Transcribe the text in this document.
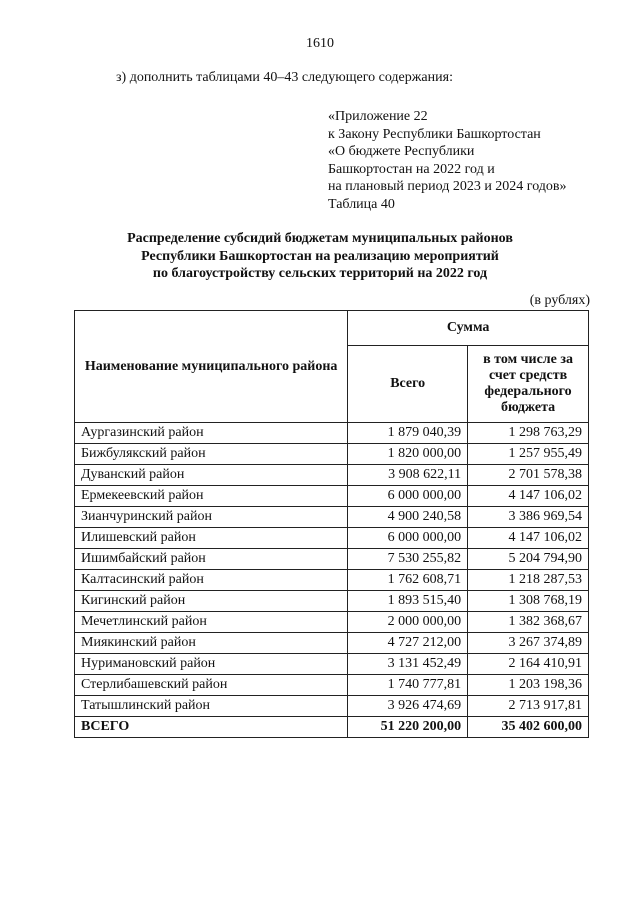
1610
з) дополнить таблицами 40–43 следующего содержания:
«Приложение 22
к Закону Республики Башкортостан
«О бюджете Республики
Башкортостан на 2022 год и
на плановый период 2023 и 2024 годов»
Таблица 40
Распределение субсидий бюджетам муниципальных районов
Республики Башкортостан на реализацию мероприятий
по благоустройству сельских территорий на 2022 год
(в рублях)
Наименование муниципального района	Сумма	
	Всего	в том числе за счет средств федерального бюджета
Аургазинский район	1 879 040,39	1 298 763,29
Бижбулякский район	1 820 000,00	1 257 955,49
Дуванский район	3 908 622,11	2 701 578,38
Ермекеевский район	6 000 000,00	4 147 106,02
Зианчуринский район	4 900 240,58	3 386 969,54
Илишевский район	6 000 000,00	4 147 106,02
Ишимбайский район	7 530 255,82	5 204 794,90
Калтасинский район	1 762 608,71	1 218 287,53
Кигинский район	1 893 515,40	1 308 768,19
Мечетлинский район	2 000 000,00	1 382 368,67
Миякинский район	4 727 212,00	3 267 374,89
Нуримановский район	3 131 452,49	2 164 410,91
Стерлибашевский район	1 740 777,81	1 203 198,36
Татышлинский район	3 926 474,69	2 713 917,81
ВСЕГО	51 220 200,00	35 402 600,00
